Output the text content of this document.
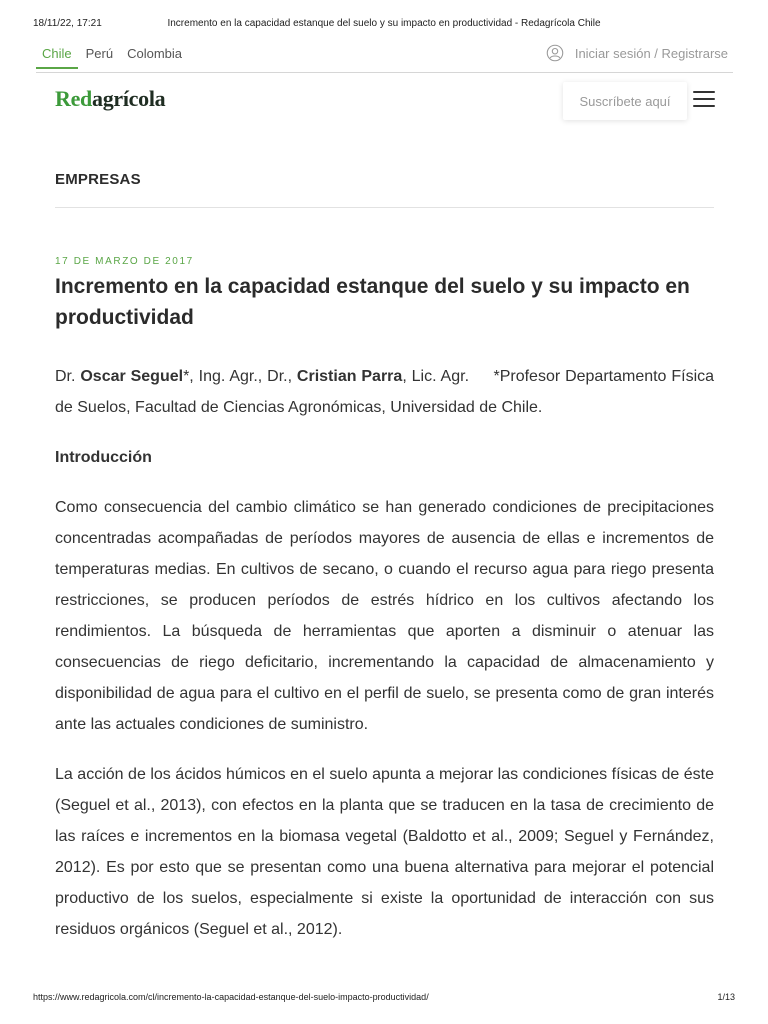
18/11/22, 17:21	Incremento en la capacidad estanque del suelo y su impacto en productividad - Redagrícola Chile
Chile	Perú	Colombia	Iniciar sesión / Registrarse
Redagrícola	Suscríbete aquí
EMPRESAS
17 DE MARZO DE 2017
Incremento en la capacidad estanque del suelo y su impacto en productividad

Dr. Oscar Seguel*, Ing. Agr., Dr., Cristian Parra, Lic. Agr.     *Profesor Departamento Física de Suelos, Facultad de Ciencias Agronómicas, Universidad de Chile.

Introducción

Como consecuencia del cambio climático se han generado condiciones de precipitaciones concentradas acompañadas de períodos mayores de ausencia de ellas e incrementos de temperaturas medias. En cultivos de secano, o cuando el recurso agua para riego presenta restricciones, se producen períodos de estrés hídrico en los cultivos afectando los rendimientos. La búsqueda de herramientas que aporten a disminuir o atenuar las consecuencias de riego deficitario, incrementando la capacidad de almacenamiento y disponibilidad de agua para el cultivo en el perfil de suelo, se presenta como de gran interés ante las actuales condiciones de suministro.

La acción de los ácidos húmicos en el suelo apunta a mejorar las condiciones físicas de éste (Seguel et al., 2013), con efectos en la planta que se traducen en la tasa de crecimiento de las raíces e incrementos en la biomasa vegetal (Baldotto et al., 2009; Seguel y Fernández, 2012). Es por esto que se presentan como una buena alternativa para mejorar el potencial productivo de los suelos, especialmente si existe la oportunidad de interacción con sus residuos orgánicos (Seguel et al., 2012).

https://www.redagricola.com/cl/incremento-la-capacidad-estanque-del-suelo-impacto-productividad/	1/13
